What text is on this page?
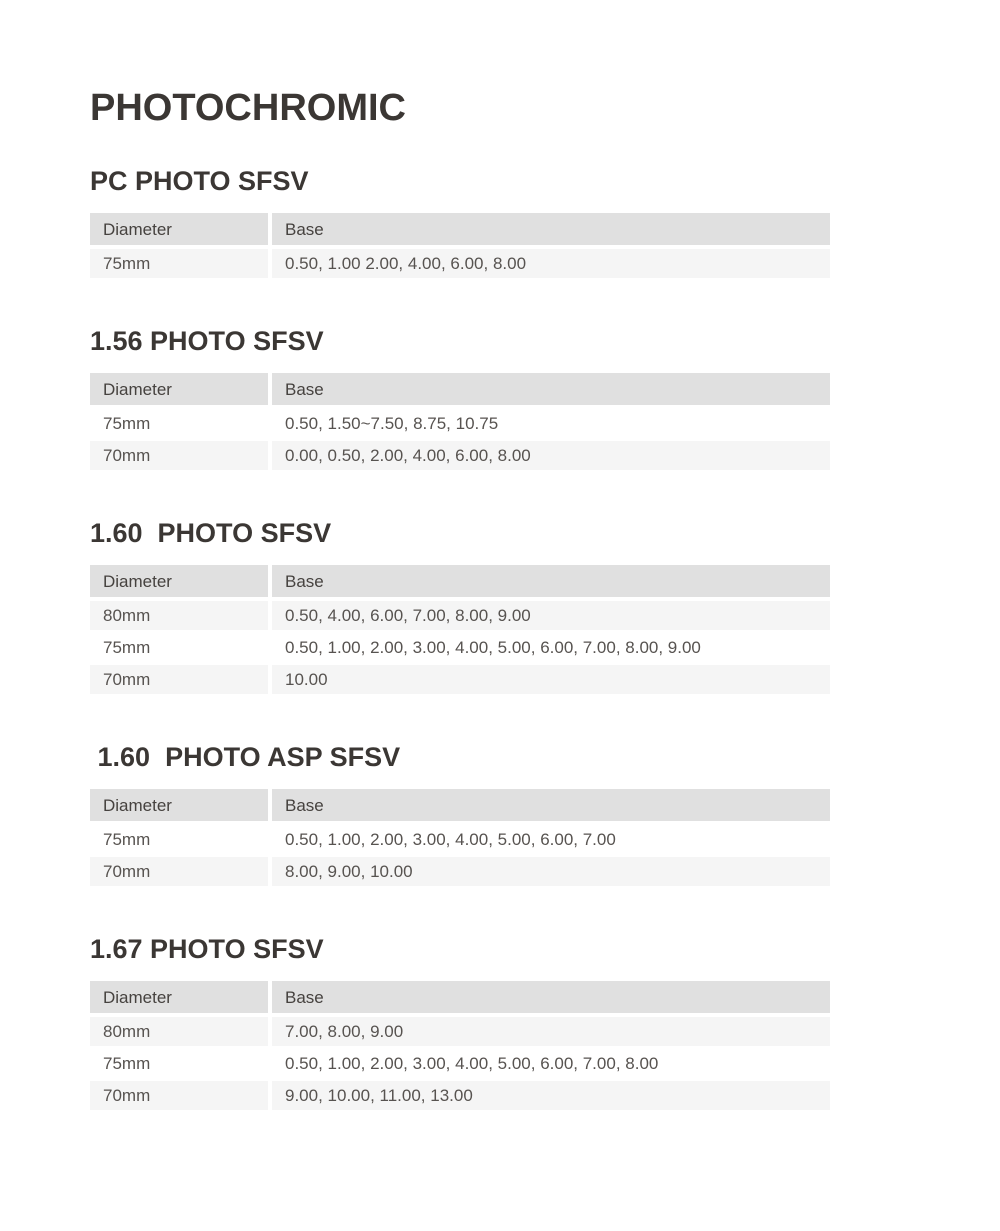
PHOTOCHROMIC
PC PHOTO SFSV
Diameter	Base
75mm	0.50, 1.00 2.00, 4.00, 6.00, 8.00
1.56 PHOTO SFSV
Diameter	Base
75mm	0.50, 1.50~7.50, 8.75, 10.75
70mm	0.00, 0.50, 2.00, 4.00, 6.00, 8.00
1.60  PHOTO SFSV
Diameter	Base
80mm	0.50, 4.00, 6.00, 7.00, 8.00, 9.00
75mm	0.50, 1.00, 2.00, 3.00, 4.00, 5.00, 6.00, 7.00, 8.00, 9.00
70mm	10.00
1.60  PHOTO ASP SFSV
Diameter	Base
75mm	0.50, 1.00, 2.00, 3.00, 4.00, 5.00, 6.00, 7.00
70mm	8.00, 9.00, 10.00
1.67 PHOTO SFSV
Diameter	Base
80mm	7.00, 8.00, 9.00
75mm	0.50, 1.00, 2.00, 3.00, 4.00, 5.00, 6.00, 7.00, 8.00
70mm	9.00, 10.00, 11.00, 13.00
